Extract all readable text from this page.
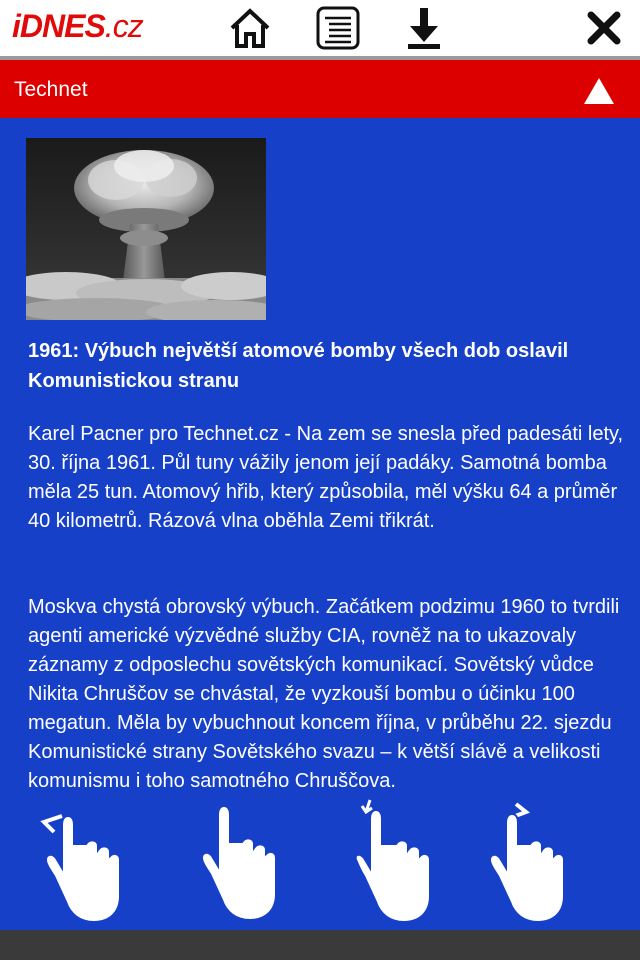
iDNES.cz
Technet
1961: Výbuch největší atomové bomby všech dob oslavil Komunistickou stranu
Karel Pacner pro Technet.cz - Na zem se snesla před padesáti lety, 30. října 1961. Půl tuny vážily jenom její padáky. Samotná bomba měla 25 tun. Atomový hřib, který způsobila, měl výšku 64 a průměr 40 kilometrů. Rázová vlna oběhla Zemi třikrát.
Moskva chystá obrovský výbuch. Začátkem podzimu 1960 to tvrdili agenti americké výzvědné služby CIA, rovněž na to ukazovaly záznamy z odposlechu sovětských komunikací. Sovětský vůdce Nikita Chruščov se chvástal, že vyzkouší bombu o účinku 100 megatun. Měla by vybuchnout koncem října, v průběhu 22. sjezdu Komunistické strany Sovětského svazu – k větší slávě a velikosti komunismu i toho samotného Chruščova.
